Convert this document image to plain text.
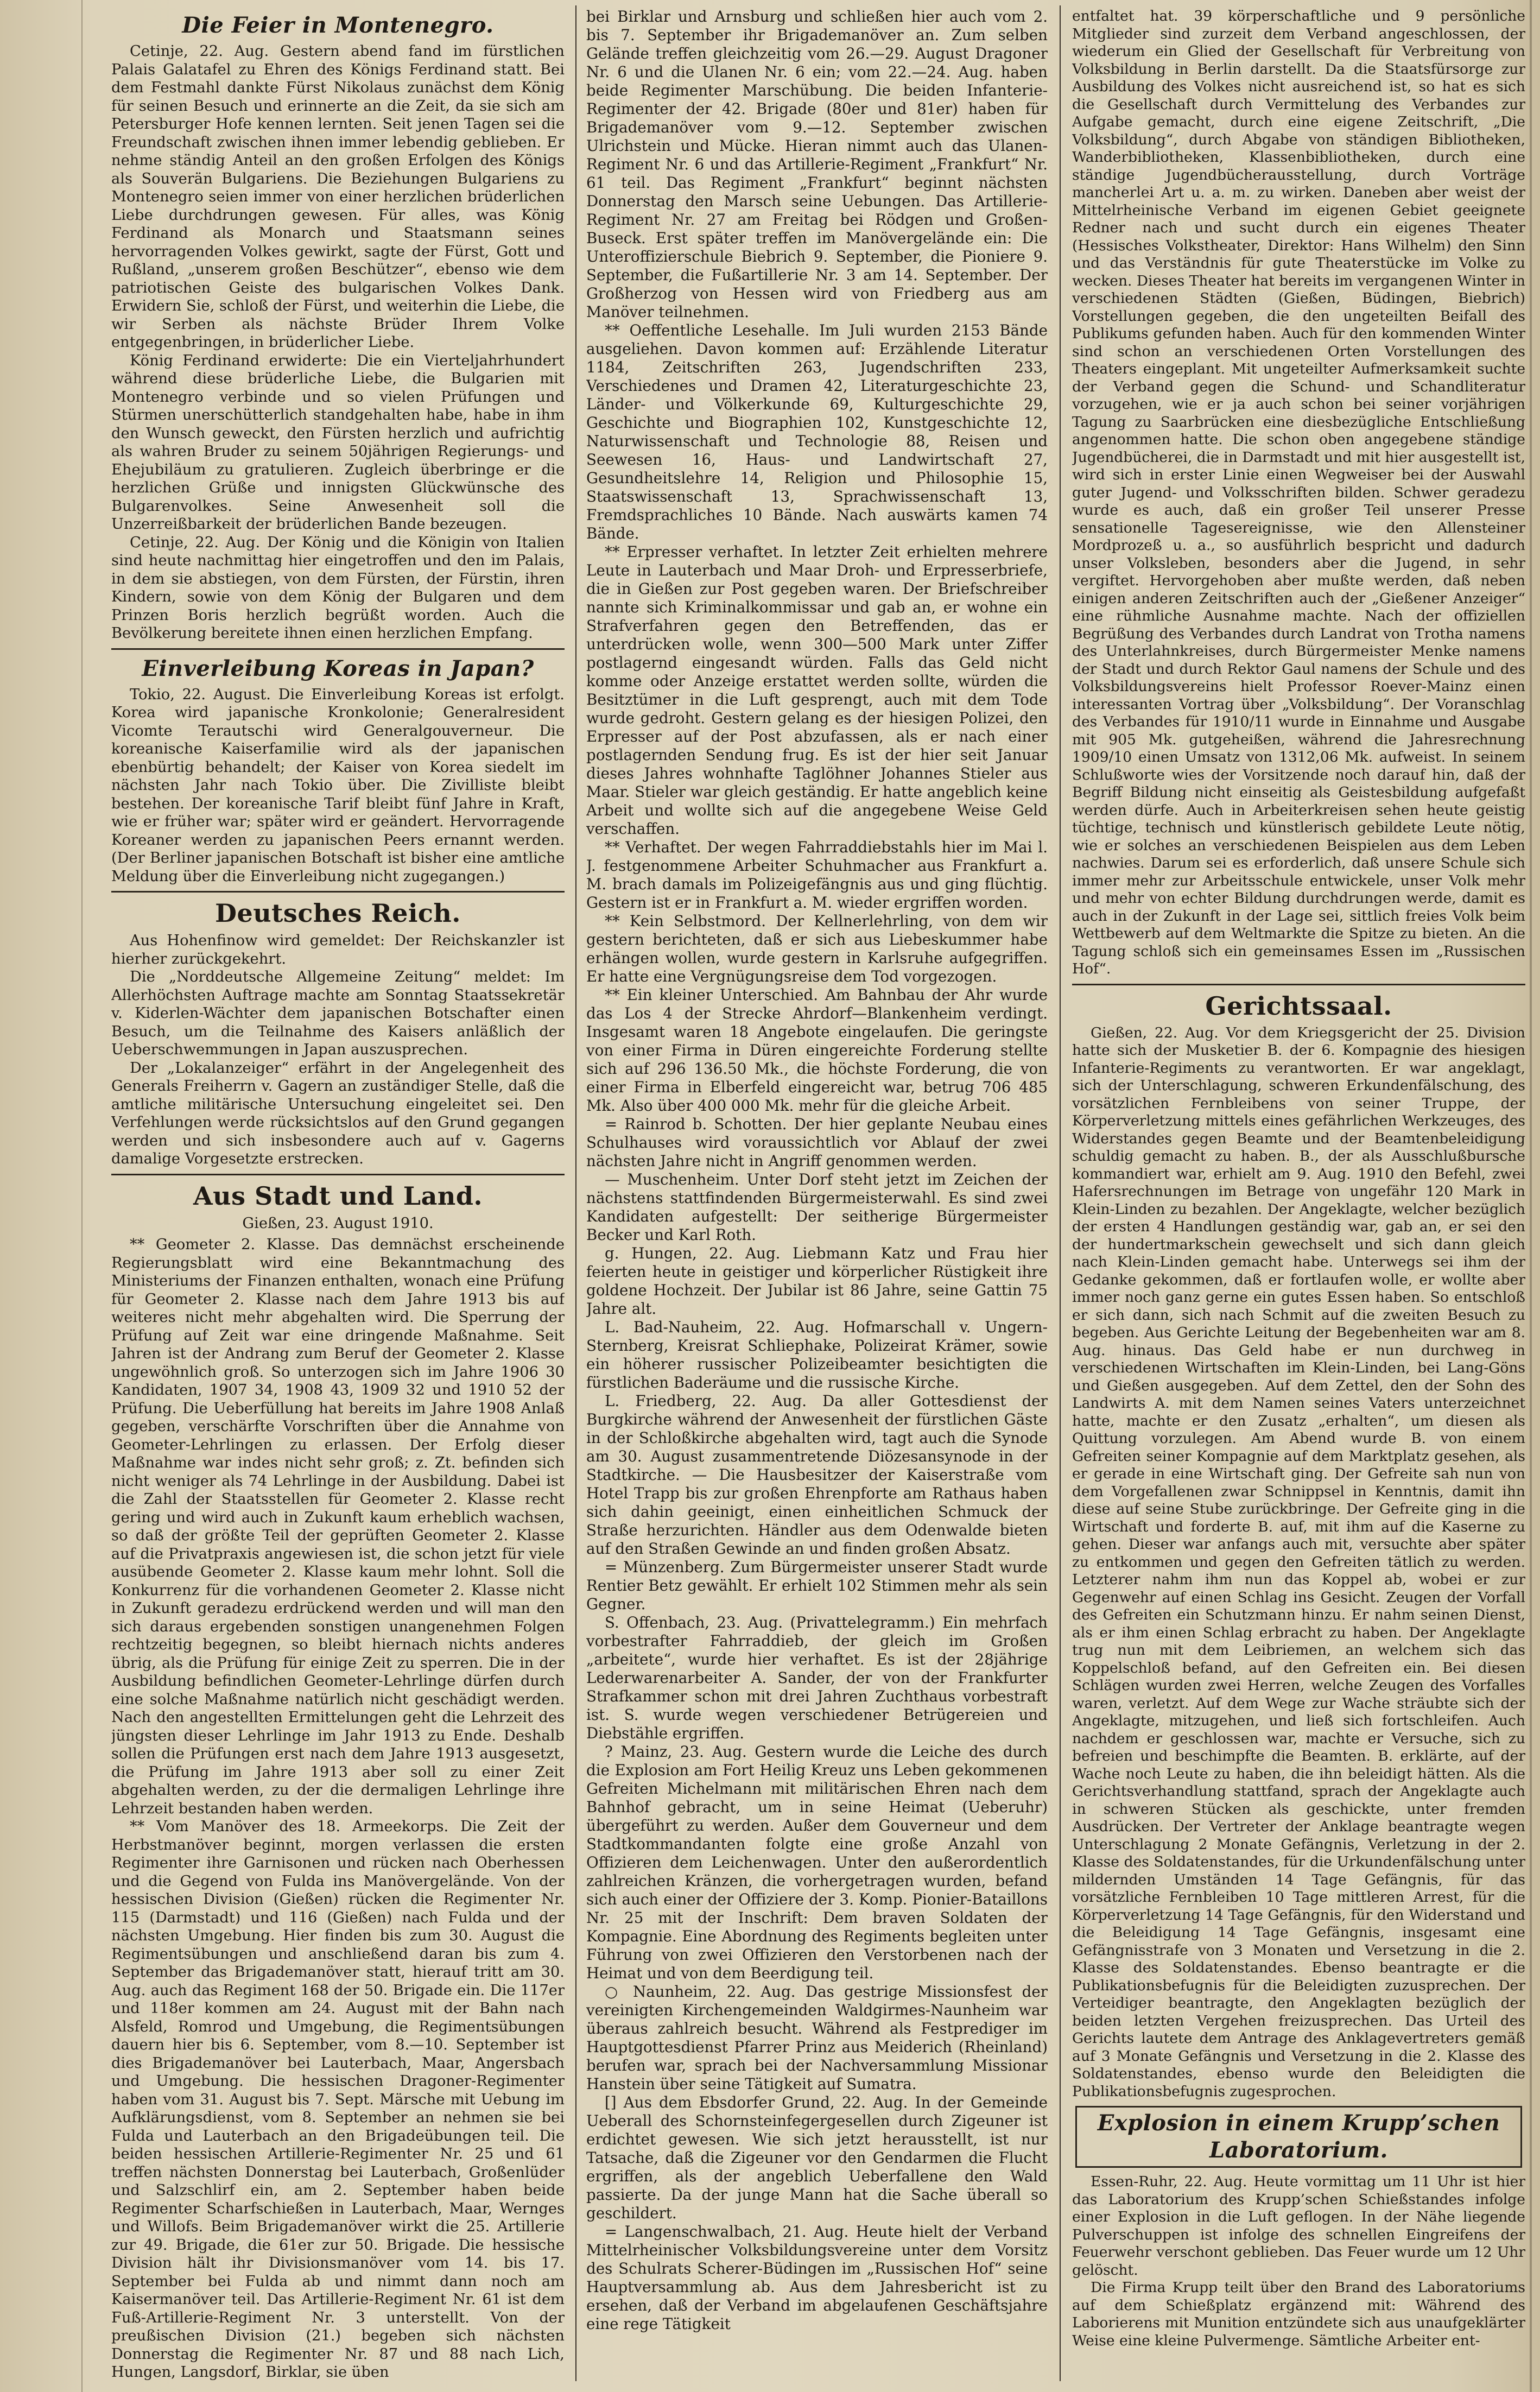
Die Feier in Montenegro.

Cetinje, 22. Aug. Gestern abend fand im fürstlichen Palais Galatafel zu Ehren des Königs Ferdinand statt. Bei dem Festmahl dankte Fürst Nikolaus zunächst dem König für seinen Besuch und erinnerte an die Zeit, da sie sich am Petersburger Hofe kennen lernten. Seit jenen Tagen sei die Freundschaft zwischen ihnen immer lebendig geblieben. Er nehme ständig Anteil an den großen Erfolgen des Königs als Souverän Bulgariens. Die Beziehungen Bulgariens zu Montenegro seien immer von einer herzlichen brüderlichen Liebe durchdrungen gewesen. Für alles, was König Ferdinand als Monarch und Staatsmann seines hervorragenden Volkes gewirkt, sagte der Fürst, Gott und Rußland, „unserem großen Beschützer“, ebenso wie dem patriotischen Geiste des bulgarischen Volkes Dank. Erwidern Sie, schloß der Fürst, und weiterhin die Liebe, die wir Serben als nächste Brüder Ihrem Volke entgegenbringen, in brüderlicher Liebe.

König Ferdinand erwiderte: Die ein Vierteljahrhundert während diese brüderliche Liebe, die Bulgarien mit Montenegro verbinde und so vielen Prüfungen und Stürmen unerschütterlich standgehalten habe, habe in ihm den Wunsch geweckt, den Fürsten herzlich und aufrichtig als wahren Bruder zu seinem 50jährigen Regierungs- und Ehejubiläum zu gratulieren. Zugleich überbringe er die herzlichen Grüße und innigsten Glückwünsche des Bulgarenvolkes. Seine Anwesenheit soll die Unzerreißbarkeit der brüderlichen Bande bezeugen.

Cetinje, 22. Aug. Der König und die Königin von Italien sind heute nachmittag hier eingetroffen und den im Palais, in dem sie abstiegen, von dem Fürsten, der Fürstin, ihren Kindern, sowie von dem König der Bulgaren und dem Prinzen Boris herzlich begrüßt worden. Auch die Bevölkerung bereitete ihnen einen herzlichen Empfang.

Einverleibung Koreas in Japan?

Tokio, 22. August. Die Einverleibung Koreas ist erfolgt. Korea wird japanische Kronkolonie; Generalresident Vicomte Terautschi wird Generalgouverneur. Die koreanische Kaiserfamilie wird als der japanischen ebenbürtig behandelt; der Kaiser von Korea siedelt im nächsten Jahr nach Tokio über. Die Zivilliste bleibt bestehen. Der koreanische Tarif bleibt fünf Jahre in Kraft, wie er früher war; später wird er geändert. Hervorragende Koreaner werden zu japanischen Peers ernannt werden. (Der Berliner japanischen Botschaft ist bisher eine amtliche Meldung über die Einverleibung nicht zugegangen.)

Deutsches Reich.

Aus Hohenfinow wird gemeldet: Der Reichskanzler ist hierher zurückgekehrt.

Die „Norddeutsche Allgemeine Zeitung“ meldet: Im Allerhöchsten Auftrage machte am Sonntag Staatssekretär v. Kiderlen-Wächter dem japanischen Botschafter einen Besuch, um die Teilnahme des Kaisers anläßlich der Ueberschwemmungen in Japan auszusprechen.

Der „Lokalanzeiger“ erfährt in der Angelegenheit des Generals Freiherrn v. Gagern an zuständiger Stelle, daß die amtliche militärische Untersuchung eingeleitet sei. Den Verfehlungen werde rücksichtslos auf den Grund gegangen werden und sich insbesondere auch auf v. Gagerns damalige Vorgesetzte erstrecken.

Aus Stadt und Land.

Gießen, 23. August 1910.

** Geometer 2. Klasse. Das demnächst erscheinende Regierungsblatt wird eine Bekanntmachung des Ministeriums der Finanzen enthalten, wonach eine Prüfung für Geometer 2. Klasse nach dem Jahre 1913 bis auf weiteres nicht mehr abgehalten wird. Die Sperrung der Prüfung auf Zeit war eine dringende Maßnahme. Seit Jahren ist der Andrang zum Beruf der Geometer 2. Klasse ungewöhnlich groß. So unterzogen sich im Jahre 1906 30 Kandidaten, 1907 34, 1908 43, 1909 32 und 1910 52 der Prüfung. Die Ueberfüllung hat bereits im Jahre 1908 Anlaß gegeben, verschärfte Vorschriften über die Annahme von Geometer-Lehrlingen zu erlassen. Der Erfolg dieser Maßnahme war indes nicht sehr groß; z. Zt. befinden sich nicht weniger als 74 Lehrlinge in der Ausbildung. Dabei ist die Zahl der Staatsstellen für Geometer 2. Klasse recht gering und wird auch in Zukunft kaum erheblich wachsen, so daß der größte Teil der geprüften Geometer 2. Klasse auf die Privatpraxis angewiesen ist, die schon jetzt für viele ausübende Geometer 2. Klasse kaum mehr lohnt. Soll die Konkurrenz für die vorhandenen Geometer 2. Klasse nicht in Zukunft geradezu erdrückend werden und will man den sich daraus ergebenden sonstigen unangenehmen Folgen rechtzeitig begegnen, so bleibt hiernach nichts anderes übrig, als die Prüfung für einige Zeit zu sperren. Die in der Ausbildung befindlichen Geometer-Lehrlinge dürfen durch eine solche Maßnahme natürlich nicht geschädigt werden. Nach den angestellten Ermittelungen geht die Lehrzeit des jüngsten dieser Lehrlinge im Jahr 1913 zu Ende. Deshalb sollen die Prüfungen erst nach dem Jahre 1913 ausgesetzt, die Prüfung im Jahre 1913 aber soll zu einer Zeit abgehalten werden, zu der die dermaligen Lehrlinge ihre Lehrzeit bestanden haben werden.

** Vom Manöver des 18. Armeekorps. Die Zeit der Herbstmanöver beginnt, morgen verlassen die ersten Regimenter ihre Garnisonen und rücken nach Oberhessen und die Gegend von Fulda ins Manövergelände. Von der hessischen Division (Gießen) rücken die Regimenter Nr. 115 (Darmstadt) und 116 (Gießen) nach Fulda und der nächsten Umgebung. Hier finden bis zum 30. August die Regimentsübungen und anschließend daran bis zum 4. September das Brigademanöver statt, hierauf tritt am 30. Aug. auch das Regiment 168 der 50. Brigade ein. Die 117er und 118er kommen am 24. August mit der Bahn nach Alsfeld, Romrod und Umgebung, die Regimentsübungen dauern hier bis 6. September, vom 8.—10. September ist dies Brigademanöver bei Lauterbach, Maar, Angersbach und Umgebung. Die hessischen Dragoner-Regimenter haben vom 31. August bis 7. Sept. Märsche mit Uebung im Aufklärungsdienst, vom 8. September an nehmen sie bei Fulda und Lauterbach an den Brigadeübungen teil. Die beiden hessischen Artillerie-Regimenter Nr. 25 und 61 treffen nächsten Donnerstag bei Lauterbach, Großenlüder und Salzschlirf ein, am 2. September haben beide Regimenter Scharfschießen in Lauterbach, Maar, Wernges und Willofs. Beim Brigademanöver wirkt die 25. Artillerie zur 49. Brigade, die 61er zur 50. Brigade. Die hessische Division hält ihr Divisionsmanöver vom 14. bis 17. September bei Fulda ab und nimmt dann noch am Kaisermanöver teil. Das Artillerie-Regiment Nr. 61 ist dem Fuß-Artillerie-Regiment Nr. 3 unterstellt. Von der preußischen Division (21.) begeben sich nächsten Donnerstag die Regimenter Nr. 87 und 88 nach Lich, Hungen, Langsdorf, Birklar, sie üben

bei Birklar und Arnsburg und schließen hier auch vom 2. bis 7. September ihr Brigademanöver an. Zum selben Gelände treffen gleichzeitig vom 26.—29. August Dragoner Nr. 6 und die Ulanen Nr. 6 ein; vom 22.—24. Aug. haben beide Regimenter Marschübung. Die beiden Infanterie-Regimenter der 42. Brigade (80er und 81er) haben für Brigademanöver vom 9.—12. September zwischen Ulrichstein und Mücke. Hieran nimmt auch das Ulanen-Regiment Nr. 6 und das Artillerie-Regiment „Frankfurt“ Nr. 61 teil. Das Regiment „Frankfurt“ beginnt nächsten Donnerstag den Marsch seine Uebungen. Das Artillerie-Regiment Nr. 27 am Freitag bei Rödgen und Großen-Buseck. Erst später treffen im Manövergelände ein: Die Unteroffizierschule Biebrich 9. September, die Pioniere 9. September, die Fußartillerie Nr. 3 am 14. September. Der Großherzog von Hessen wird von Friedberg aus am Manöver teilnehmen.

** Oeffentliche Lesehalle. Im Juli wurden 2153 Bände ausgeliehen. Davon kommen auf: Erzählende Literatur 1184, Zeitschriften 263, Jugendschriften 233, Verschiedenes und Dramen 42, Literaturgeschichte 23, Länder- und Völkerkunde 69, Kulturgeschichte 29, Geschichte und Biographien 102, Kunstgeschichte 12, Naturwissenschaft und Technologie 88, Reisen und Seewesen 16, Haus- und Landwirtschaft 27, Gesundheitslehre 14, Religion und Philosophie 15, Staatswissenschaft 13, Sprachwissenschaft 13, Fremdsprachliches 10 Bände. Nach auswärts kamen 74 Bände.

** Erpresser verhaftet. In letzter Zeit erhielten mehrere Leute in Lauterbach und Maar Droh- und Erpresserbriefe, die in Gießen zur Post gegeben waren. Der Briefschreiber nannte sich Kriminalkommissar und gab an, er wohne ein Strafverfahren gegen den Betreffenden, das er unterdrücken wolle, wenn 300—500 Mark unter Ziffer postlagernd eingesandt würden. Falls das Geld nicht komme oder Anzeige erstattet werden sollte, würden die Besitztümer in die Luft gesprengt, auch mit dem Tode wurde gedroht. Gestern gelang es der hiesigen Polizei, den Erpresser auf der Post abzufassen, als er nach einer postlagernden Sendung frug. Es ist der hier seit Januar dieses Jahres wohnhafte Taglöhner Johannes Stieler aus Maar. Stieler war gleich geständig. Er hatte angeblich keine Arbeit und wollte sich auf die angegebene Weise Geld verschaffen.

** Verhaftet. Der wegen Fahrraddiebstahls hier im Mai l. J. festgenommene Arbeiter Schuhmacher aus Frankfurt a. M. brach damals im Polizeigefängnis aus und ging flüchtig. Gestern ist er in Frankfurt a. M. wieder ergriffen worden.

** Kein Selbstmord. Der Kellnerlehrling, von dem wir gestern berichteten, daß er sich aus Liebeskummer habe erhängen wollen, wurde gestern in Karlsruhe aufgegriffen. Er hatte eine Vergnügungsreise dem Tod vorgezogen.

** Ein kleiner Unterschied. Am Bahnbau der Ahr wurde das Los 4 der Strecke Ahrdorf—Blankenheim verdingt. Insgesamt waren 18 Angebote eingelaufen. Die geringste von einer Firma in Düren eingereichte Forderung stellte sich auf 296 136.50 Mk., die höchste Forderung, die von einer Firma in Elberfeld eingereicht war, betrug 706 485 Mk. Also über 400 000 Mk. mehr für die gleiche Arbeit.

= Rainrod b. Schotten. Der hier geplante Neubau eines Schulhauses wird voraussichtlich vor Ablauf der zwei nächsten Jahre nicht in Angriff genommen werden.

— Muschenheim. Unter Dorf steht jetzt im Zeichen der nächstens stattfindenden Bürgermeisterwahl. Es sind zwei Kandidaten aufgestellt: Der seitherige Bürgermeister Becker und Karl Roth.

g. Hungen, 22. Aug. Liebmann Katz und Frau hier feierten heute in geistiger und körperlicher Rüstigkeit ihre goldene Hochzeit. Der Jubilar ist 86 Jahre, seine Gattin 75 Jahre alt.

L. Bad-Nauheim, 22. Aug. Hofmarschall v. Ungern-Sternberg, Kreisrat Schliephake, Polizeirat Krämer, sowie ein höherer russischer Polizeibeamter besichtigten die fürstlichen Baderäume und die russische Kirche.

L. Friedberg, 22. Aug. Da aller Gottesdienst der Burgkirche während der Anwesenheit der fürstlichen Gäste in der Schloßkirche abgehalten wird, tagt auch die Synode am 30. August zusammentretende Diözesansynode in der Stadtkirche. — Die Hausbesitzer der Kaiserstraße vom Hotel Trapp bis zur großen Ehrenpforte am Rathaus haben sich dahin geeinigt, einen einheitlichen Schmuck der Straße herzurichten. Händler aus dem Odenwalde bieten auf den Straßen Gewinde an und finden großen Absatz.

= Münzenberg. Zum Bürgermeister unserer Stadt wurde Rentier Betz gewählt. Er erhielt 102 Stimmen mehr als sein Gegner.

S. Offenbach, 23. Aug. (Privattelegramm.) Ein mehrfach vorbestrafter Fahrraddieb, der gleich im Großen „arbeitete“, wurde hier verhaftet. Es ist der 28jährige Lederwarenarbeiter A. Sander, der von der Frankfurter Strafkammer schon mit drei Jahren Zuchthaus vorbestraft ist. S. wurde wegen verschiedener Betrügereien und Diebstähle ergriffen.

? Mainz, 23. Aug. Gestern wurde die Leiche des durch die Explosion am Fort Heilig Kreuz uns Leben gekommenen Gefreiten Michelmann mit militärischen Ehren nach dem Bahnhof gebracht, um in seine Heimat (Ueberuhr) übergeführt zu werden. Außer dem Gouverneur und dem Stadtkommandanten folgte eine große Anzahl von Offizieren dem Leichenwagen. Unter den außerordentlich zahlreichen Kränzen, die vorhergetragen wurden, befand sich auch einer der Offiziere der 3. Komp. Pionier-Bataillons Nr. 25 mit der Inschrift: Dem braven Soldaten der Kompagnie. Eine Abordnung des Regiments begleiten unter Führung von zwei Offizieren den Verstorbenen nach der Heimat und von dem Beerdigung teil.

○ Naunheim, 22. Aug. Das gestrige Missionsfest der vereinigten Kirchengemeinden Waldgirmes-Naunheim war überaus zahlreich besucht. Während als Festprediger im Hauptgottesdienst Pfarrer Prinz aus Meiderich (Rheinland) berufen war, sprach bei der Nachversammlung Missionar Hanstein über seine Tätigkeit auf Sumatra.

[] Aus dem Ebsdorfer Grund, 22. Aug. In der Gemeinde Ueberall des Schornsteinfegergesellen durch Zigeuner ist erdichtet gewesen. Wie sich jetzt herausstellt, ist nur Tatsache, daß die Zigeuner vor den Gendarmen die Flucht ergriffen, als der angeblich Ueberfallene den Wald passierte. Da der junge Mann hat die Sache überall so geschildert.

= Langenschwalbach, 21. Aug. Heute hielt der Verband Mittelrheinischer Volksbildungsvereine unter dem Vorsitz des Schulrats Scherer-Büdingen im „Russischen Hof“ seine Hauptversammlung ab. Aus dem Jahresbericht ist zu ersehen, daß der Verband im abgelaufenen Geschäftsjahre eine rege Tätigkeit

entfaltet hat. 39 körperschaftliche und 9 persönliche Mitglieder sind zurzeit dem Verband angeschlossen, der wiederum ein Glied der Gesellschaft für Verbreitung von Volksbildung in Berlin darstellt. Da die Staatsfürsorge zur Ausbildung des Volkes nicht ausreichend ist, so hat es sich die Gesellschaft durch Vermittelung des Verbandes zur Aufgabe gemacht, durch eine eigene Zeitschrift, „Die Volksbildung“, durch Abgabe von ständigen Bibliotheken, Wanderbibliotheken, Klassenbibliotheken, durch eine ständige Jugendbücherausstellung, durch Vorträge mancherlei Art u. a. m. zu wirken. Daneben aber weist der Mittelrheinische Verband im eigenen Gebiet geeignete Redner nach und sucht durch ein eigenes Theater (Hessisches Volkstheater, Direktor: Hans Wilhelm) den Sinn und das Verständnis für gute Theaterstücke im Volke zu wecken. Dieses Theater hat bereits im vergangenen Winter in verschiedenen Städten (Gießen, Büdingen, Biebrich) Vorstellungen gegeben, die den ungeteilten Beifall des Publikums gefunden haben. Auch für den kommenden Winter sind schon an verschiedenen Orten Vorstellungen des Theaters eingeplant. Mit ungeteilter Aufmerksamkeit suchte der Verband gegen die Schund- und Schandliteratur vorzugehen, wie er ja auch schon bei seiner vorjährigen Tagung zu Saarbrücken eine diesbezügliche Entschließung angenommen hatte. Die schon oben angegebene ständige Jugendbücherei, die in Darmstadt und mit hier ausgestellt ist, wird sich in erster Linie einen Wegweiser bei der Auswahl guter Jugend- und Volksschriften bilden. Schwer geradezu wurde es auch, daß ein großer Teil unserer Presse sensationelle Tagesereignisse, wie den Allensteiner Mordprozeß u. a., so ausführlich bespricht und dadurch unser Volksleben, besonders aber die Jugend, in sehr vergiftet. Hervorgehoben aber mußte werden, daß neben einigen anderen Zeitschriften auch der „Gießener Anzeiger“ eine rühmliche Ausnahme machte. Nach der offiziellen Begrüßung des Verbandes durch Landrat von Trotha namens des Unterlahnkreises, durch Bürgermeister Menke namens der Stadt und durch Rektor Gaul namens der Schule und des Volksbildungsvereins hielt Professor Roever-Mainz einen interessanten Vortrag über „Volksbildung“. Der Voranschlag des Verbandes für 1910/11 wurde in Einnahme und Ausgabe mit 905 Mk. gutgeheißen, während die Jahresrechnung 1909/10 einen Umsatz von 1312,06 Mk. aufweist. In seinem Schlußworte wies der Vorsitzende noch darauf hin, daß der Begriff Bildung nicht einseitig als Geistesbildung aufgefaßt werden dürfe. Auch in Arbeiterkreisen sehen heute geistig tüchtige, technisch und künstlerisch gebildete Leute nötig, wie er solches an verschiedenen Beispielen aus dem Leben nachwies. Darum sei es erforderlich, daß unsere Schule sich immer mehr zur Arbeitsschule entwickele, unser Volk mehr und mehr von echter Bildung durchdrungen werde, damit es auch in der Zukunft in der Lage sei, sittlich freies Volk beim Wettbewerb auf dem Weltmarkte die Spitze zu bieten. An die Tagung schloß sich ein gemeinsames Essen im „Russischen Hof“.

Gerichtssaal.

Gießen, 22. Aug. Vor dem Kriegsgericht der 25. Division hatte sich der Musketier B. der 6. Kompagnie des hiesigen Infanterie-Regiments zu verantworten. Er war angeklagt, sich der Unterschlagung, schweren Erkundenfälschung, des vorsätzlichen Fernbleibens von seiner Truppe, der Körperverletzung mittels eines gefährlichen Werkzeuges, des Widerstandes gegen Beamte und der Beamtenbeleidigung schuldig gemacht zu haben. B., der als Ausschlußbursche kommandiert war, erhielt am 9. Aug. 1910 den Befehl, zwei Hafersrechnungen im Betrage von ungefähr 120 Mark in Klein-Linden zu bezahlen. Der Angeklagte, welcher bezüglich der ersten 4 Handlungen geständig war, gab an, er sei den der hundertmarkschein gewechselt und sich dann gleich nach Klein-Linden gemacht habe. Unterwegs sei ihm der Gedanke gekommen, daß er fortlaufen wolle, er wollte aber immer noch ganz gerne ein gutes Essen haben. So entschloß er sich dann, sich nach Schmit auf die zweiten Besuch zu begeben. Aus Gerichte Leitung der Begebenheiten war am 8. Aug. hinaus. Das Geld habe er nun durchweg in verschiedenen Wirtschaften im Klein-Linden, bei Lang-Göns und Gießen ausgegeben. Auf dem Zettel, den der Sohn des Landwirts A. mit dem Namen seines Vaters unterzeichnet hatte, machte er den Zusatz „erhalten“, um diesen als Quittung vorzulegen. Am Abend wurde B. von einem Gefreiten seiner Kompagnie auf dem Marktplatz gesehen, als er gerade in eine Wirtschaft ging. Der Gefreite sah nun von dem Vorgefallenen zwar Schnippsel in Kenntnis, damit ihn diese auf seine Stube zurückbringe. Der Gefreite ging in die Wirtschaft und forderte B. auf, mit ihm auf die Kaserne zu gehen. Dieser war anfangs auch mit, versuchte aber später zu entkommen und gegen den Gefreiten tätlich zu werden. Letzterer nahm ihm nun das Koppel ab, wobei er zur Gegenwehr auf einen Schlag ins Gesicht. Zeugen der Vorfall des Gefreiten ein Schutzmann hinzu. Er nahm seinen Dienst, als er ihm einen Schlag erbracht zu haben. Der Angeklagte trug nun mit dem Leibriemen, an welchem sich das Koppelschloß befand, auf den Gefreiten ein. Bei diesen Schlägen wurden zwei Herren, welche Zeugen des Vorfalles waren, verletzt. Auf dem Wege zur Wache sträubte sich der Angeklagte, mitzugehen, und ließ sich fortschleifen. Auch nachdem er geschlossen war, machte er Versuche, sich zu befreien und beschimpfte die Beamten. B. erklärte, auf der Wache noch Leute zu haben, die ihn beleidigt hätten. Als die Gerichtsverhandlung stattfand, sprach der Angeklagte auch in schweren Stücken als geschickte, unter fremden Ausdrücken. Der Vertreter der Anklage beantragte wegen Unterschlagung 2 Monate Gefängnis, Verletzung in der 2. Klasse des Soldatenstandes, für die Urkundenfälschung unter mildernden Umständen 14 Tage Gefängnis, für das vorsätzliche Fernbleiben 10 Tage mittleren Arrest, für die Körperverletzung 14 Tage Gefängnis, für den Widerstand und die Beleidigung 14 Tage Gefängnis, insgesamt eine Gefängnisstrafe von 3 Monaten und Versetzung in die 2. Klasse des Soldatenstandes. Ebenso beantragte er die Publikationsbefugnis für die Beleidigten zuzusprechen. Der Verteidiger beantragte, den Angeklagten bezüglich der beiden letzten Vergehen freizusprechen. Das Urteil des Gerichts lautete dem Antrage des Anklagevertreters gemäß auf 3 Monate Gefängnis und Versetzung in die 2. Klasse des Soldatenstandes, ebenso wurde den Beleidigten die Publikationsbefugnis zugesprochen.

Explosion in einem Krupp’schen Laboratorium.

Essen-Ruhr, 22. Aug. Heute vormittag um 11 Uhr ist hier das Laboratorium des Krupp’schen Schießstandes infolge einer Explosion in die Luft geflogen. In der Nähe liegende Pulverschuppen ist infolge des schnellen Eingreifens der Feuerwehr verschont geblieben. Das Feuer wurde um 12 Uhr gelöscht.

Die Firma Krupp teilt über den Brand des Laboratoriums auf dem Schießplatz ergänzend mit: Während des Laborierens mit Munition entzündete sich aus unaufgeklärter Weise eine kleine Pulvermenge. Sämtliche Arbeiter ent-
